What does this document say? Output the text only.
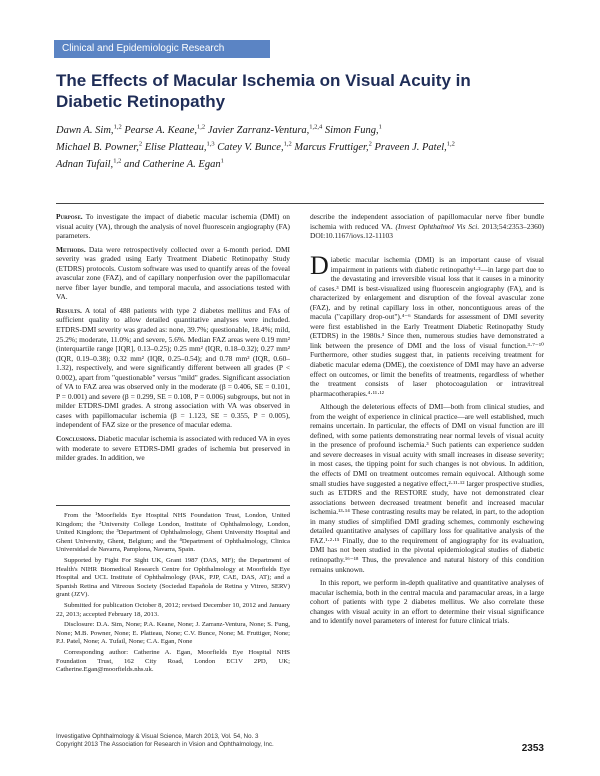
Clinical and Epidemiologic Research
The Effects of Macular Ischemia on Visual Acuity in Diabetic Retinopathy
Dawn A. Sim,$^{1,2}$ Pearse A. Keane,$^{1,2}$ Javier Zarranz-Ventura,$^{1,2,4}$ Simon Fung,$^1$
Michael B. Powner,$^2$ Elise Platteau,$^{1,3}$ Catey V. Bunce,$^{1,2}$ Marcus Fruttiger,$^2$ Praveen J. Patel,$^{1,2}$
Adnan Tufail,$^{1,2}$ and Catherine A. Egan$^1$

Purpose. To investigate the impact of diabetic macular ischemia (DMI) on visual acuity (VA), through the analysis of novel fluorescein angiography (FA) parameters.

Methods. Data were retrospectively collected over a 6-month period. DMI severity was graded using Early Treatment Diabetic Retinopathy Study (ETDRS) protocols. Custom software was used to quantify areas of the foveal avascular zone (FAZ), and of capillary nonperfusion over the papillomacular nerve fiber layer bundle, and temporal macula, and associations tested with VA.

Results. A total of 488 patients with type 2 diabetes mellitus and FAs of sufficient quality to allow detailed quantitative analyses were included. ETDRS-DMI severity was graded as: none, 39.7%; questionable, 18.4%; mild, 25.2%; moderate, 11.0%; and severe, 5.6%. Median FAZ areas were 0.19 mm² (interquartile range [IQR], 0.13–0.25); 0.25 mm² (IQR, 0.18–0.32); 0.27 mm² (IQR, 0.19–0.38); 0.32 mm² (IQR, 0.25–0.54); and 0.78 mm² (IQR, 0.60–1.32), respectively, and were significantly different between all grades (P < 0.002), apart from "questionable" versus "mild" grades. Significant association of VA to FAZ area was observed only in the moderate (β = 0.406, SE = 0.101, P = 0.001) and severe (β = 0.299, SE = 0.108, P = 0.006) subgroups, but not in milder ETDRS-DMI grades. A strong association with VA was observed in cases with papillomacular ischemia (β = 1.123, SE = 0.355, P = 0.005), independent of FAZ size or the presence of macular edema.

Conclusions. Diabetic macular ischemia is associated with reduced VA in eyes with moderate to severe ETDRS-DMI grades of ischemia but preserved in milder grades. In addition, we

describe the independent association of papillomacular nerve fiber bundle ischemia with reduced VA. (Invest Ophthalmol Vis Sci. 2013;54:2353–2360) DOI:10.1167/iovs.12-11103

From the ¹Moorfields Eye Hospital NHS Foundation Trust, London, United Kingdom; the ²University College London, Institute of Ophthalmology, London, United Kingdom; the ³Department of Ophthalmology, Ghent University Hospital and Ghent University, Ghent, Belgium; and the ⁴Department of Ophthalmology, Clinica Universidad de Navarra, Pamplona, Navarra, Spain.

Supported by Fight For Sight UK, Grant 1987 (DAS, MF); the Department of Health's NIHR Biomedical Research Centre for Ophthalmology at Moorfields Eye Hospital and UCL Institute of Ophthalmology (PAK, PJP, CAE, DAS, AT); and a Spanish Retina and Vitreous Society (Sociedad Española de Retina y Vitreo, SERV) grant (JZV).

Submitted for publication October 8, 2012; revised December 10, 2012 and January 22, 2013; accepted February 18, 2013.

Disclosure: D.A. Sim, None; P.A. Keane, None; J. Zarranz-Ventura, None; S. Fung, None; M.B. Powner, None; E. Platteau, None; C.V. Bunce, None; M. Fruttiger, None; P.J. Patel, None; A. Tufail, None; C.A. Egan, None

Corresponding author: Catherine A. Egan, Moorfields Eye Hospital NHS Foundation Trust, 162 City Road, London EC1V 2PD, UK; Catherine.Egan@moorfields.nhs.uk.

Diabetic macular ischemia (DMI) is an important cause of visual impairment in patients with diabetic retinopathy¹·²—in large part due to the devastating and irreversible visual loss that it causes in a minority of cases.³ DMI is best-visualized using fluorescein angiography (FA), and is characterized by enlargement and disruption of the foveal avascular zone (FAZ), and by retinal capillary loss in other, noncontiguous areas of the macula ("capillary drop-out").⁴⁻⁶ Standards for assessment of DMI severity were first established in the Early Treatment Diabetic Retinopathy Study (ETDRS) in the 1980s.³ Since then, numerous studies have demonstrated a link between the presence of DMI and the loss of visual function.³·⁷⁻¹⁰ Furthermore, other studies suggest that, in patients receiving treatment for diabetic macular edema (DME), the coexistence of DMI may have an adverse effect on outcomes, or limit the benefits of treatments, regardless of whether the treatment consists of laser photocoagulation or intravitreal pharmacotherapies.⁴·¹¹·¹²

Although the deleterious effects of DMI—both from clinical studies, and from the weight of experience in clinical practice—are well established, much remains uncertain. In particular, the effects of DMI on visual function are ill defined, with some patients demonstrating near normal levels of visual acuity in the presence of profound ischemia.³ Such patients can experience sudden and severe decreases in visual acuity with small increases in disease severity; in most cases, the tipping point for such changes is not obvious. In addition, the effects of DMI on treatment outcomes remain equivocal. Although some small studies have suggested a negative effect,²·¹¹·¹² larger prospective studies, such as ETDRS and the RESTORE study, have not demonstrated clear associations between decreased treatment benefit and increased macular ischemia.¹³·¹⁴ These contrasting results may be related, in part, to the adoption in many studies of simplified DMI grading schemes, commonly eschewing detailed quantitative analyses of capillary loss for qualitative analysis of the FAZ.¹·²·¹⁵ Finally, due to the requirement of angiography for its evaluation, DMI has not been studied in the pivotal epidemiological studies of diabetic retinopathy.¹⁶⁻¹⁸ Thus, the prevalence and natural history of this condition remains unknown.

In this report, we perform in-depth qualitative and quantitative analyses of macular ischemia, both in the central macula and paramacular areas, in a large cohort of patients with type 2 diabetes mellitus. We also correlate these changes with visual acuity in an effort to determine their visual significance and to identify novel parameters of interest for future clinical trials.

Investigative Ophthalmology & Visual Science, March 2013, Vol. 54, No. 3
Copyright 2013 The Association for Research in Vision and Ophthalmology, Inc.	2353
